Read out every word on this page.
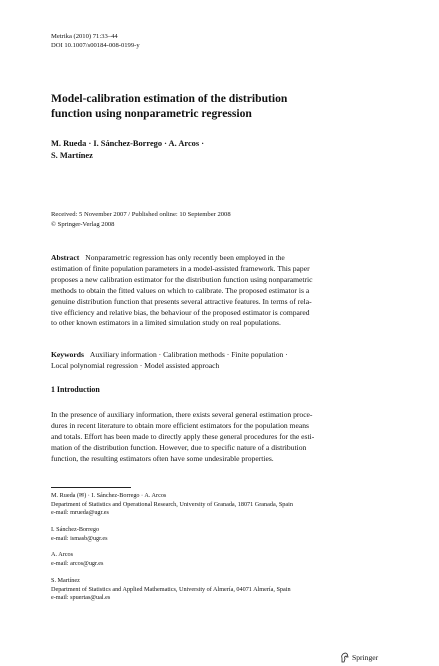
Metrika (2010) 71:33–44
DOI 10.1007/s00184-008-0199-y
Model-calibration estimation of the distribution
function using nonparametric regression
M. Rueda · I. Sánchez-Borrego · A. Arcos ·
S. Martínez
Received: 5 November 2007 / Published online: 10 September 2008
© Springer-Verlag 2008
Abstract Nonparametric regression has only recently been employed in the
estimation of finite population parameters in a model-assisted framework. This paper
proposes a new calibration estimator for the distribution function using nonparametric
methods to obtain the fitted values on which to calibrate. The proposed estimator is a
genuine distribution function that presents several attractive features. In terms of rela-
tive efficiency and relative bias, the behaviour of the proposed estimator is compared
to other known estimators in a limited simulation study on real populations.
Keywords Auxiliary information · Calibration methods · Finite population ·
Local polynomial regression · Model assisted approach
1 Introduction
In the presence of auxiliary information, there exists several general estimation proce-
dures in recent literature to obtain more efficient estimators for the population means
and totals. Effort has been made to directly apply these general procedures for the esti-
mation of the distribution function. However, due to specific nature of a distribution
function, the resulting estimators often have some undesirable properties.
M. Rueda (✉) · I. Sánchez-Borrego · A. Arcos
Department of Statistics and Operational Research, University of Granada, 18071 Granada, Spain
e-mail: mrueda@ugr.es
I. Sánchez-Borrego
e-mail: ismasb@ugr.es
A. Arcos
e-mail: arcos@ugr.es
S. Martínez
Department of Statistics and Applied Mathematics, University of Almería, 04071 Almería, Spain
e-mail: spuertas@ual.es
Springer
